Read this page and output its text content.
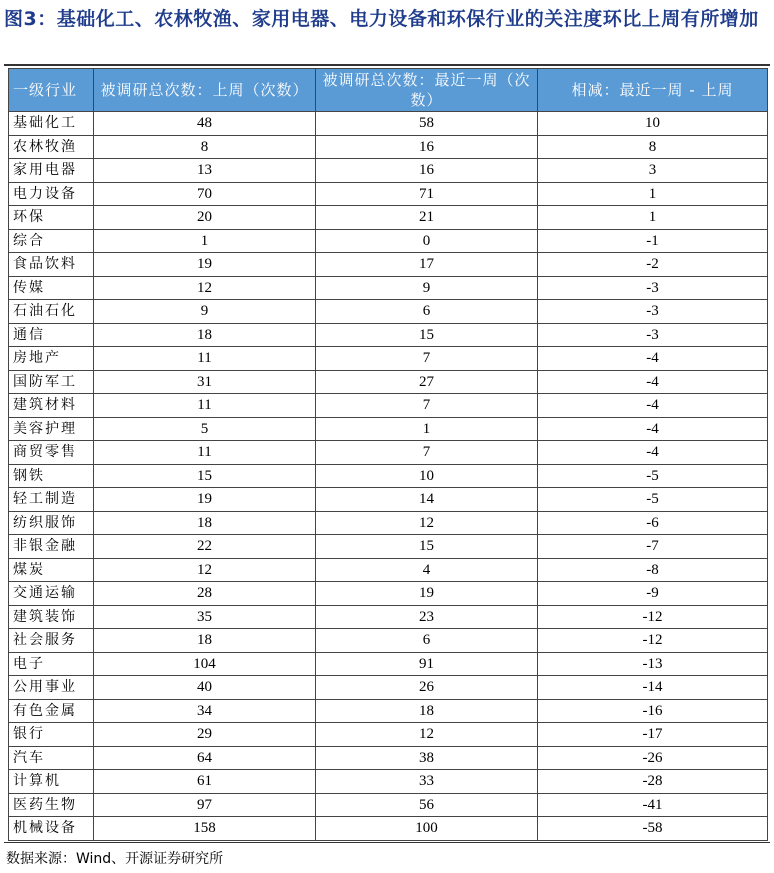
图3：基础化工、农林牧渔、家用电器、电力设备和环保行业的关注度环比上周有所增加
一级行业	被调研总次数：上周（次数）	被调研总次数：最近一周（次数）	相减：最近一周 - 上周
基础化工	48	58	10
农林牧渔	8	16	8
家用电器	13	16	3
电力设备	70	71	1
环保	20	21	1
综合	1	0	-1
食品饮料	19	17	-2
传媒	12	9	-3
石油石化	9	6	-3
通信	18	15	-3
房地产	11	7	-4
国防军工	31	27	-4
建筑材料	11	7	-4
美容护理	5	1	-4
商贸零售	11	7	-4
钢铁	15	10	-5
轻工制造	19	14	-5
纺织服饰	18	12	-6
非银金融	22	15	-7
煤炭	12	4	-8
交通运输	28	19	-9
建筑装饰	35	23	-12
社会服务	18	6	-12
电子	104	91	-13
公用事业	40	26	-14
有色金属	34	18	-16
银行	29	12	-17
汽车	64	38	-26
计算机	61	33	-28
医药生物	97	56	-41
机械设备	158	100	-58
数据来源：Wind、开源证券研究所
